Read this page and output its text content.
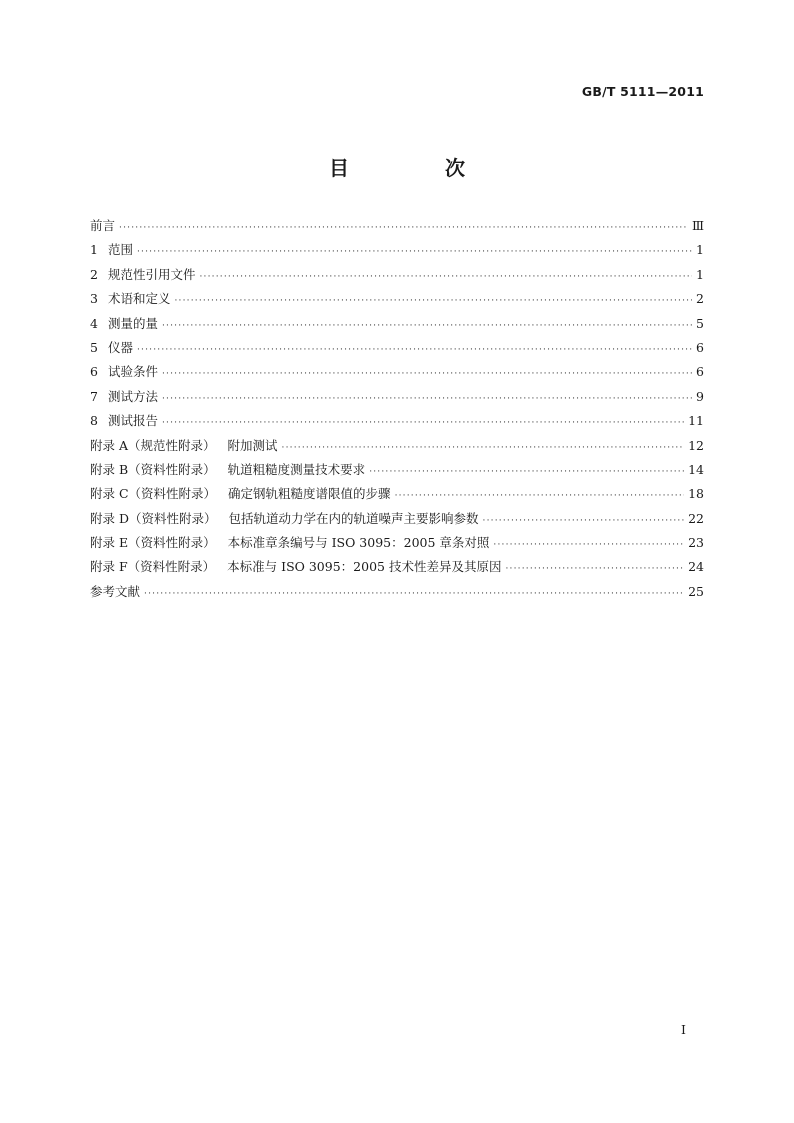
GB/T 5111—2011
目　次
前言 ·····	Ⅲ
1 范围 ·····	1
2 规范性引用文件 ·····	1
3 术语和定义 ·····	2
4 测量的量 ·····	5
5 仪器 ·····	6
6 试验条件 ·····	6
7 测试方法 ·····	9
8 测试报告 ·····	11
附录 A（规范性附录） 附加测试 ·····	12
附录 B（资料性附录） 轨道粗糙度测量技术要求 ·····	14
附录 C（资料性附录） 确定钢轨粗糙度谱限值的步骤 ·····	18
附录 D（资料性附录） 包括轨道动力学在内的轨道噪声主要影响参数 ·····	22
附录 E（资料性附录） 本标准章条编号与 ISO 3095：2005 章条对照 ·····	23
附录 F（资料性附录） 本标准与 ISO 3095：2005 技术性差异及其原因 ·····	24
参考文献 ·····	25
Ⅰ
